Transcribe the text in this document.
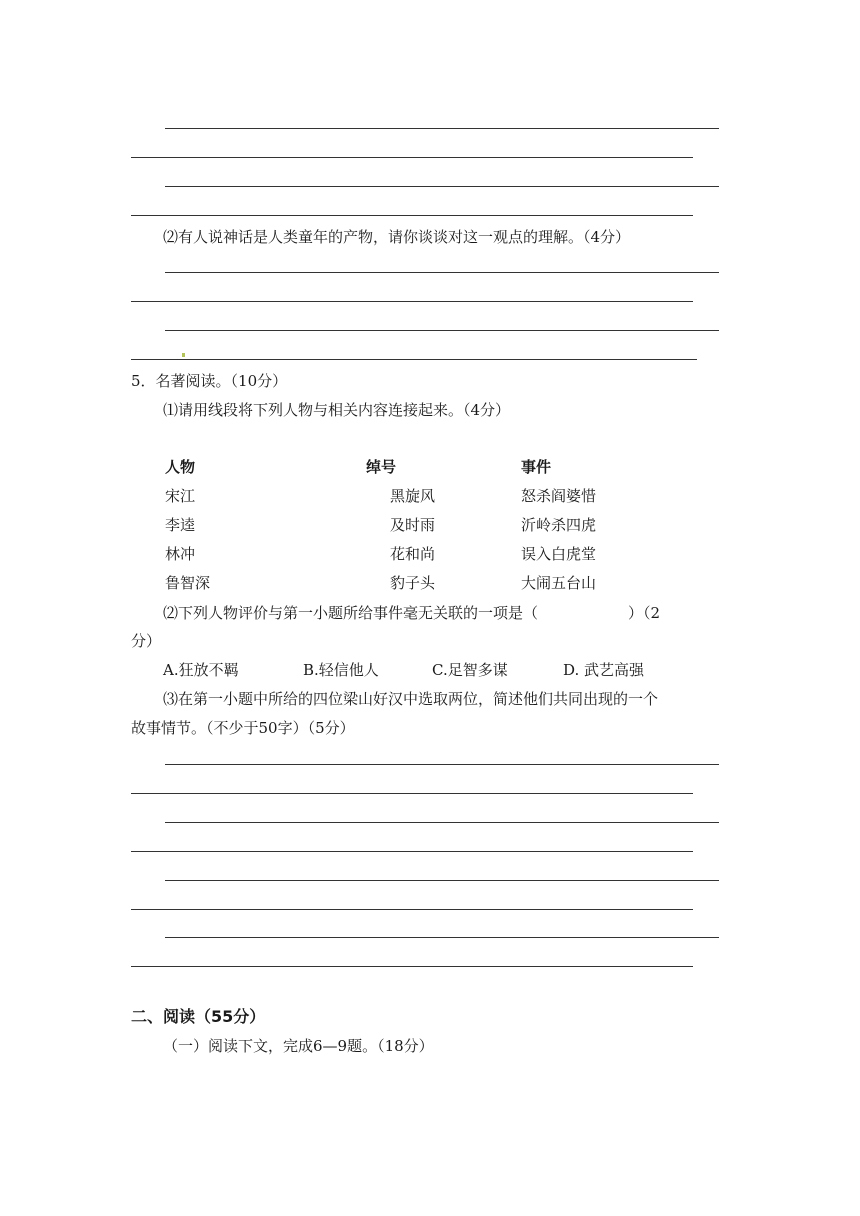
⑵有人说神话是人类童年的产物，请你谈谈对这一观点的理解。（4分）
5．名著阅读。（10分）
⑴请用线段将下列人物与相关内容连接起来。（4分）
人物	绰号	事件
宋江	黑旋风	怒杀阎婆惜
李逵	及时雨	沂岭杀四虎
林冲	花和尚	误入白虎堂
鲁智深	豹子头	大闹五台山
⑵下列人物评价与第一小题所给事件毫无关联的一项是（　　　　　　）（2
分）
A.狂放不羁	B.轻信他人	C.足智多谋	D. 武艺高强
⑶在第一小题中所给的四位梁山好汉中选取两位，简述他们共同出现的一个
故事情节。（不少于50字）（5分）
二、阅读（55分）
（一）阅读下文，完成6—9题。（18分）
